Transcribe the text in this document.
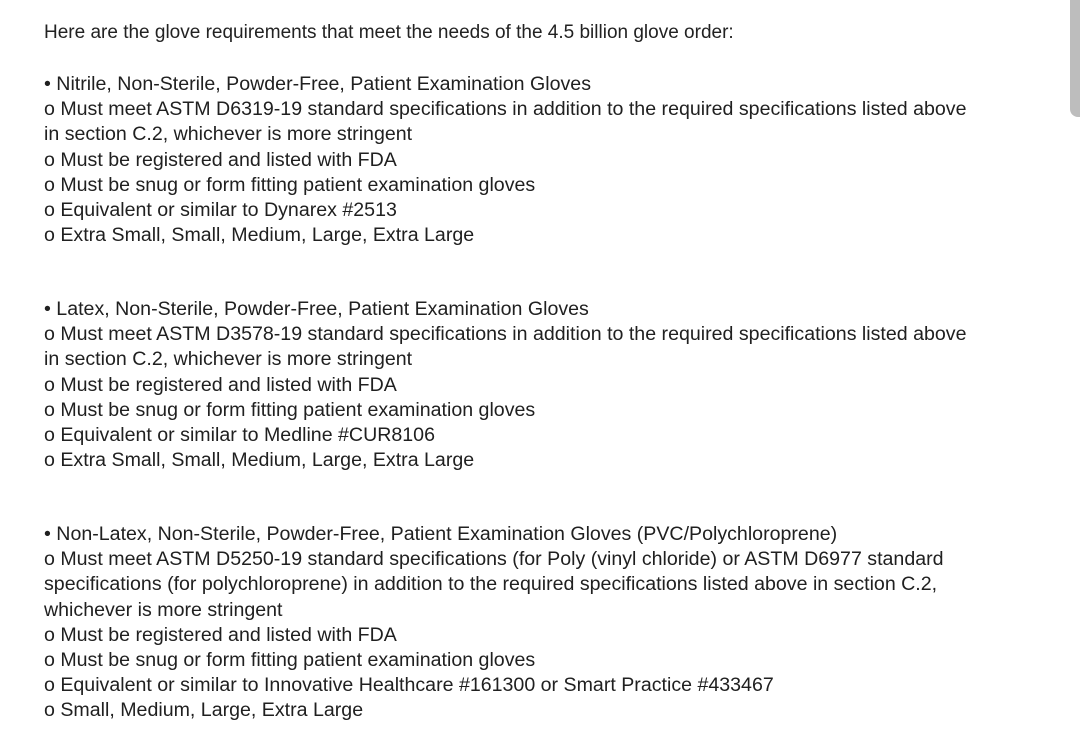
Here are the glove requirements that meet the needs of the 4.5 billion glove order:
• Nitrile, Non-Sterile, Powder-Free, Patient Examination Gloves
o Must meet ASTM D6319-19 standard specifications in addition to the required specifications listed above
in section C.2, whichever is more stringent
o Must be registered and listed with FDA
o Must be snug or form fitting patient examination gloves
o Equivalent or similar to Dynarex #2513
o Extra Small, Small, Medium, Large, Extra Large
• Latex, Non-Sterile, Powder-Free, Patient Examination Gloves
o Must meet ASTM D3578-19 standard specifications in addition to the required specifications listed above
in section C.2, whichever is more stringent
o Must be registered and listed with FDA
o Must be snug or form fitting patient examination gloves
o Equivalent or similar to Medline #CUR8106
o Extra Small, Small, Medium, Large, Extra Large
• Non-Latex, Non-Sterile, Powder-Free, Patient Examination Gloves (PVC/Polychloroprene)
o Must meet ASTM D5250-19 standard specifications (for Poly (vinyl chloride) or ASTM D6977 standard
specifications (for polychloroprene) in addition to the required specifications listed above in section C.2,
whichever is more stringent
o Must be registered and listed with FDA
o Must be snug or form fitting patient examination gloves
o Equivalent or similar to Innovative Healthcare #161300 or Smart Practice #433467
o Small, Medium, Large, Extra Large
